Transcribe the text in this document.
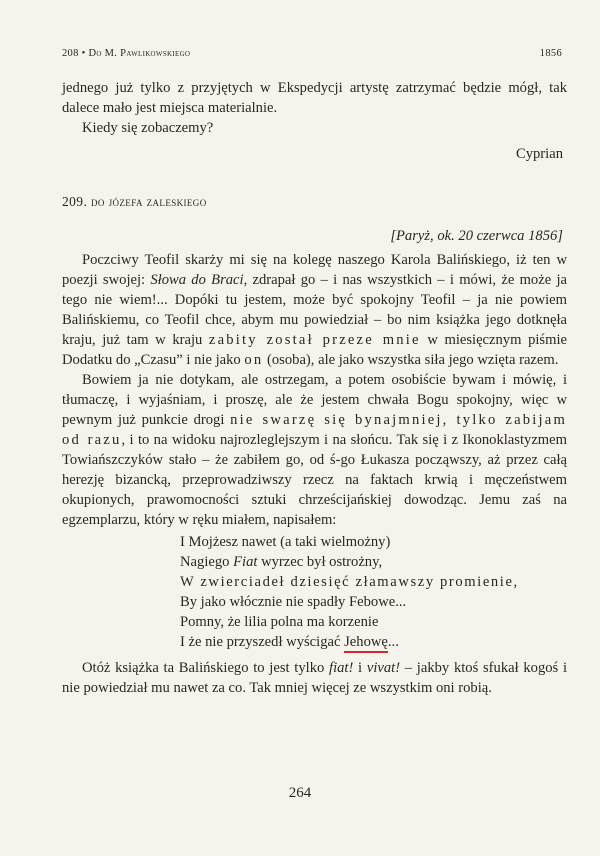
208 • Do M. Pawlikowskiego	1856

jednego już tylko z przyjętych w Ekspedycji artystę zatrzymać będzie mógł, tak dalece mało jest miejsca materialnie.

Kiedy się zobaczemy?

Cyprian

209. do józefa zaleskiego

[Paryż, ok. 20 czerwca 1856]

Poczciwy Teofil skarży mi się na kolegę naszego Karola Balińskiego, iż ten w poezji swojej: Słowa do Braci, zdrapał go – i nas wszystkich – i mówi, że może ja tego nie wiem!... Dopóki tu jestem, może być spokojny Teofil – ja nie powiem Balińskiemu, co Teofil chce, abym mu powiedział – bo nim książka jego dotknęła kraju, już tam w kraju zabity został przeze mnie w miesięcznym piśmie Dodatku do „Czasu” i nie jako on (osoba), ale jako wszystka siła jego wzięta razem.

Bowiem ja nie dotykam, ale ostrzegam, a potem osobiście bywam i mówię, i tłumaczę, i wyjaśniam, i proszę, ale że jestem chwała Bogu spokojny, więc w pewnym już punkcie drogi nie swarzę się bynajmniej, tylko zabijam od razu, i to na widoku najrozleglejszym i na słońcu. Tak się i z Ikonoklastyzmem Towiańszczyków stało – że zabiłem go, od ś-go Łukasza począwszy, aż przez całą herezję bizancką, przeprowadziwszy rzecz na faktach krwią i męczeństwem okupionych, prawomocności sztuki chrześcijańskiej dowodząc. Jemu zaś na egzemplarzu, który w ręku miałem, napisałem:

I Mojżesz nawet (a taki wielmożny)
Nagiego Fiat wyrzec był ostrożny,
W zwierciadeł dziesięć złamawszy promienie,
By jako włócznie nie spadły Febowe...
Pomny, że lilia polna ma korzenie
I że nie przyszedł wyścigać Jehowę...

Otóż książka ta Balińskiego to jest tylko fiat! i vivat! – jakby ktoś sfukał kogoś i nie powiedział mu nawet za co. Tak mniej więcej ze wszystkim oni robią.

264
